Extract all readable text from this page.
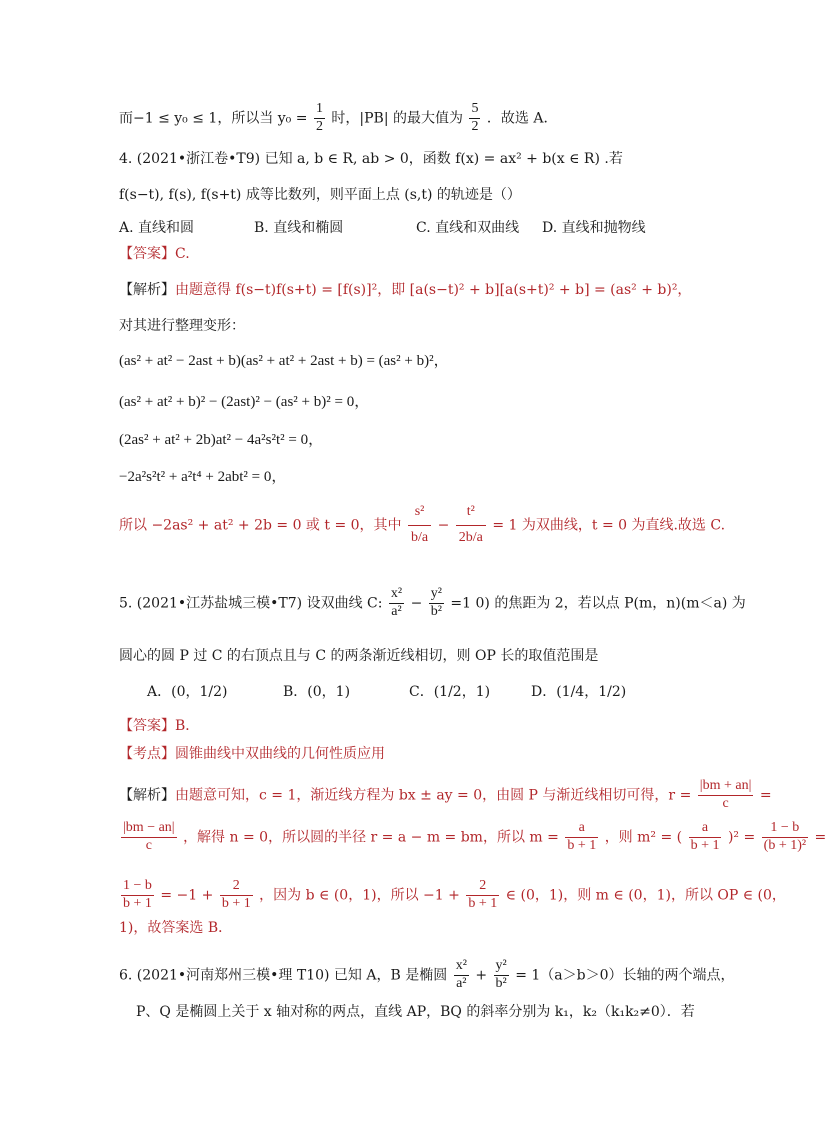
而−1 ≤ y₀ ≤ 1，所以当 $y_0 = \frac{1}{2}$ 时，|PB| 的最大值为 $\frac{5}{2}$ ．故选 A．
4. (2021•浙江卷•T9) 已知 a, b ∈ R, ab > 0，函数 f(x) = ax² + b(x ∈ R) .若
f(s−t), f(s), f(s+t) 成等比数列，则平面上点 (s,t) 的轨迹是（）
A. 直线和圆	B. 直线和椭圆	C. 直线和双曲线 D. 直线和抛物线
【答案】C.
【解析】由题意得 f(s−t)f(s+t) = [f(s)]²，即 [a(s−t)² + b][a(s+t)² + b] = (as² + b)²，
对其进行整理变形：
(as² + at² − 2ast + b)(as² + at² + 2ast + b) = (as² + b)²，
(as² + at² + b)² − (2ast)² − (as² + b)² = 0，
(2as² + at² + 2b)at² − 4a²s²t² = 0，
−2a²s²t² + a²t⁴ + 2abt² = 0，
所以 −2as² + at² + 2b = 0 或 t = 0，其中 $\frac{\text{s²}}{b/a} - \frac{\text{t²}}{2b/a} = 1$ 为双曲线，t = 0 为直线.故选 C.
5. (2021•江苏盐城三模•T7) 设双曲线 C: $\frac{\text{x²}}{\text{a²}} - \frac{\text{y²}}{\text{b²}} =1$ 0) 的焦距为 2，若以点 P(m，n)(m＜a) 为
圆心的圆 P 过 C 的右顶点且与 C 的两条渐近线相切，则 OP 长的取值范围是
A．(0，1/2)	B．(0，1)	C．(1/2，1)	D．(1/4，1/2)
【答案】B．
【考点】圆锥曲线中双曲线的几何性质应用
【解析】由题意可知，c = 1，渐近线方程为 bx ± ay = 0，由圆 P 与渐近线相切可得，$r = \frac{|bm + an|}{c}$ =
$\frac{|bm - an|}{c}$ ，解得 n = 0，所以圆的半径 r = a − m = bm，所以 $m = \frac{a}{b + 1}$ ，则 m² = ( $\frac{a}{b + 1} )^2 = \frac{1 - b}{\text{(b + 1)²}}$ =
$\frac{1 - b}{b + 1} = -1 + \frac{2}{b + 1}$ ，因为 b ∈ (0，1)，所以 $-1 + \frac{2}{b + 1}$ ∈ (0，1)，则 m ∈ (0，1)，所以 OP ∈ (0，
1)，故答案选 B．
6. (2021•河南郑州三模•理 T10) 已知 A，B 是椭圆 $\frac{\text{x²}}{\text{a²}} + \frac{\text{y²}}{\text{b²}} = 1(a>b>0)$长轴的两个端点，
P、Q 是椭圆上关于 x 轴对称的两点，直线 AP，BQ 的斜率分别为 k₁，k₂（k₁k₂≠0）．若
